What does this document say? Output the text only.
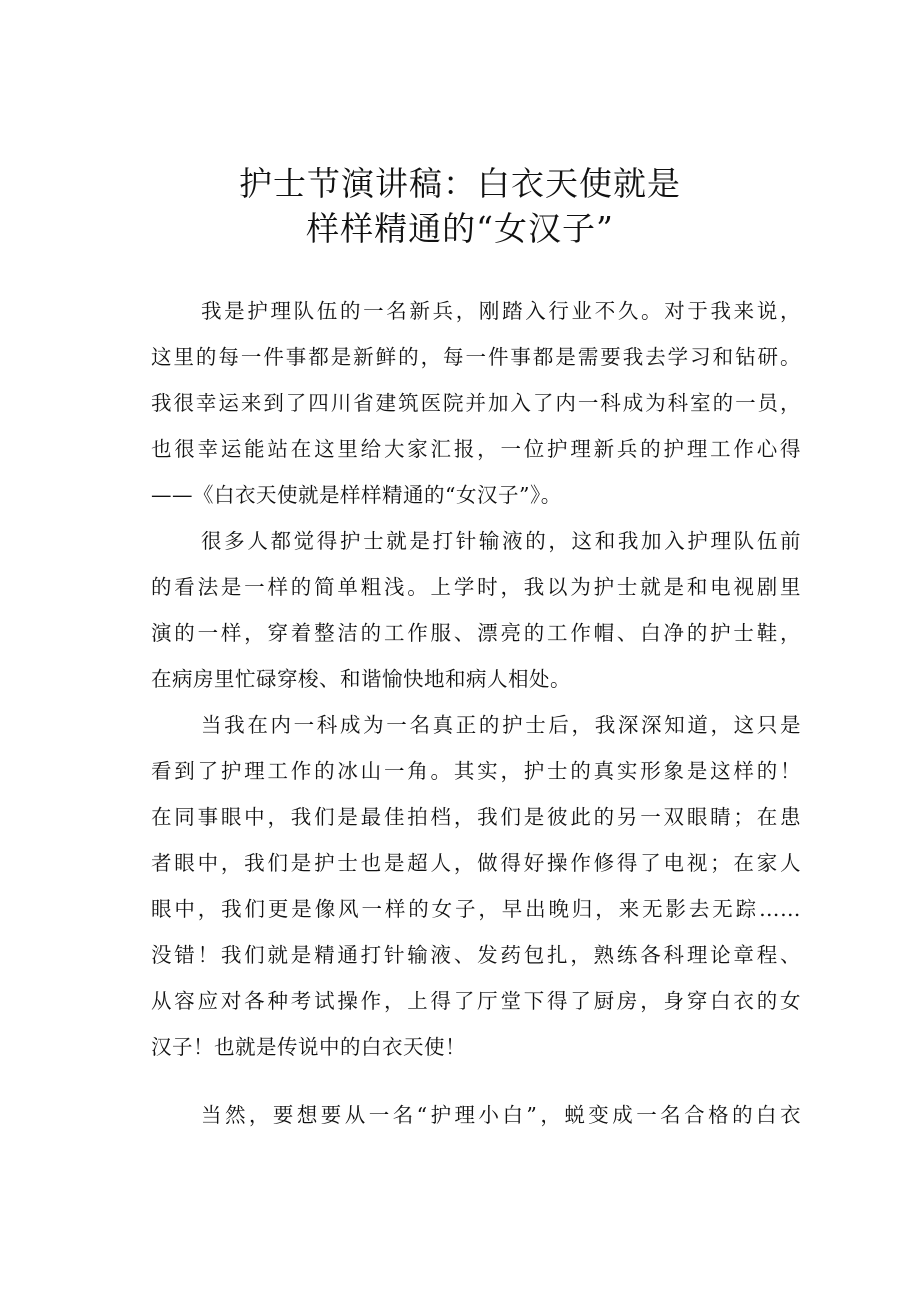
护士节演讲稿：白衣天使就是
样样精通的“女汉子”
我是护理队伍的一名新兵，刚踏入行业不久。对于我来说，
这里的每一件事都是新鲜的，每一件事都是需要我去学习和钻研。
我很幸运来到了四川省建筑医院并加入了内一科成为科室的一员，
也很幸运能站在这里给大家汇报，一位护理新兵的护理工作心得
——《白衣天使就是样样精通的“女汉子”》。
很多人都觉得护士就是打针输液的，这和我加入护理队伍前
的看法是一样的简单粗浅。上学时，我以为护士就是和电视剧里
演的一样，穿着整洁的工作服、漂亮的工作帽、白净的护士鞋，
在病房里忙碌穿梭、和谐愉快地和病人相处。
当我在内一科成为一名真正的护士后，我深深知道，这只是
看到了护理工作的冰山一角。其实，护士的真实形象是这样的！
在同事眼中，我们是最佳拍档，我们是彼此的另一双眼睛；在患
者眼中，我们是护士也是超人，做得好操作修得了电视；在家人
眼中，我们更是像风一样的女子，早出晚归，来无影去无踪……
没错！我们就是精通打针输液、发药包扎，熟练各科理论章程、
从容应对各种考试操作，上得了厅堂下得了厨房，身穿白衣的女
汉子！也就是传说中的白衣天使！
当然，要想要从一名“护理小白”，蜕变成一名合格的白衣
